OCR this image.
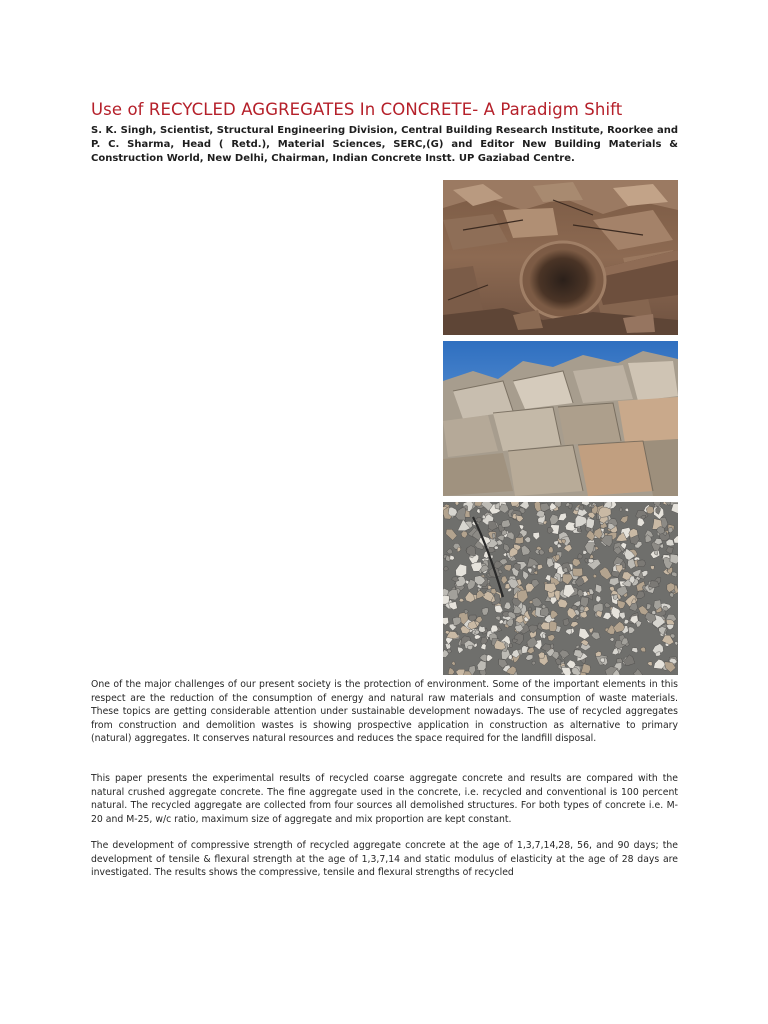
Use of RECYCLED AGGREGATES In CONCRETE- A Paradigm Shift

S. K. Singh, Scientist, Structural Engineering Division, Central Building Research Institute, Roorkee and P. C. Sharma, Head ( Retd.), Material Sciences, SERC,(G) and Editor New Building Materials & Construction World, New Delhi, Chairman, Indian Concrete Instt. UP Gaziabad Centre.

One of the major challenges of our present society is the protection of environment. Some of the important elements in this respect are the reduction of the consumption of energy and natural raw materials and consumption of waste materials. These topics are getting considerable attention under sustainable development nowadays. The use of recycled aggregates from construction and demolition wastes is showing prospective application in construction as alternative to primary (natural) aggregates. It conserves natural resources and reduces the space required for the landfill disposal.

This paper presents the experimental results of recycled coarse aggregate concrete and results are compared with the natural crushed aggregate concrete. The fine aggregate used in the concrete, i.e. recycled and conventional is 100 percent natural. The recycled aggregate are collected from four sources all demolished structures. For both types of concrete i.e. M-20 and M-25, w/c ratio, maximum size of aggregate and mix proportion are kept constant.

The development of compressive strength of recycled aggregate concrete at the age of 1,3,7,14,28, 56, and 90 days; the development of tensile & flexural strength at the age of 1,3,7,14 and static modulus of elasticity at the age of 28 days are investigated. The results shows the compressive, tensile and flexural strengths of recycled
